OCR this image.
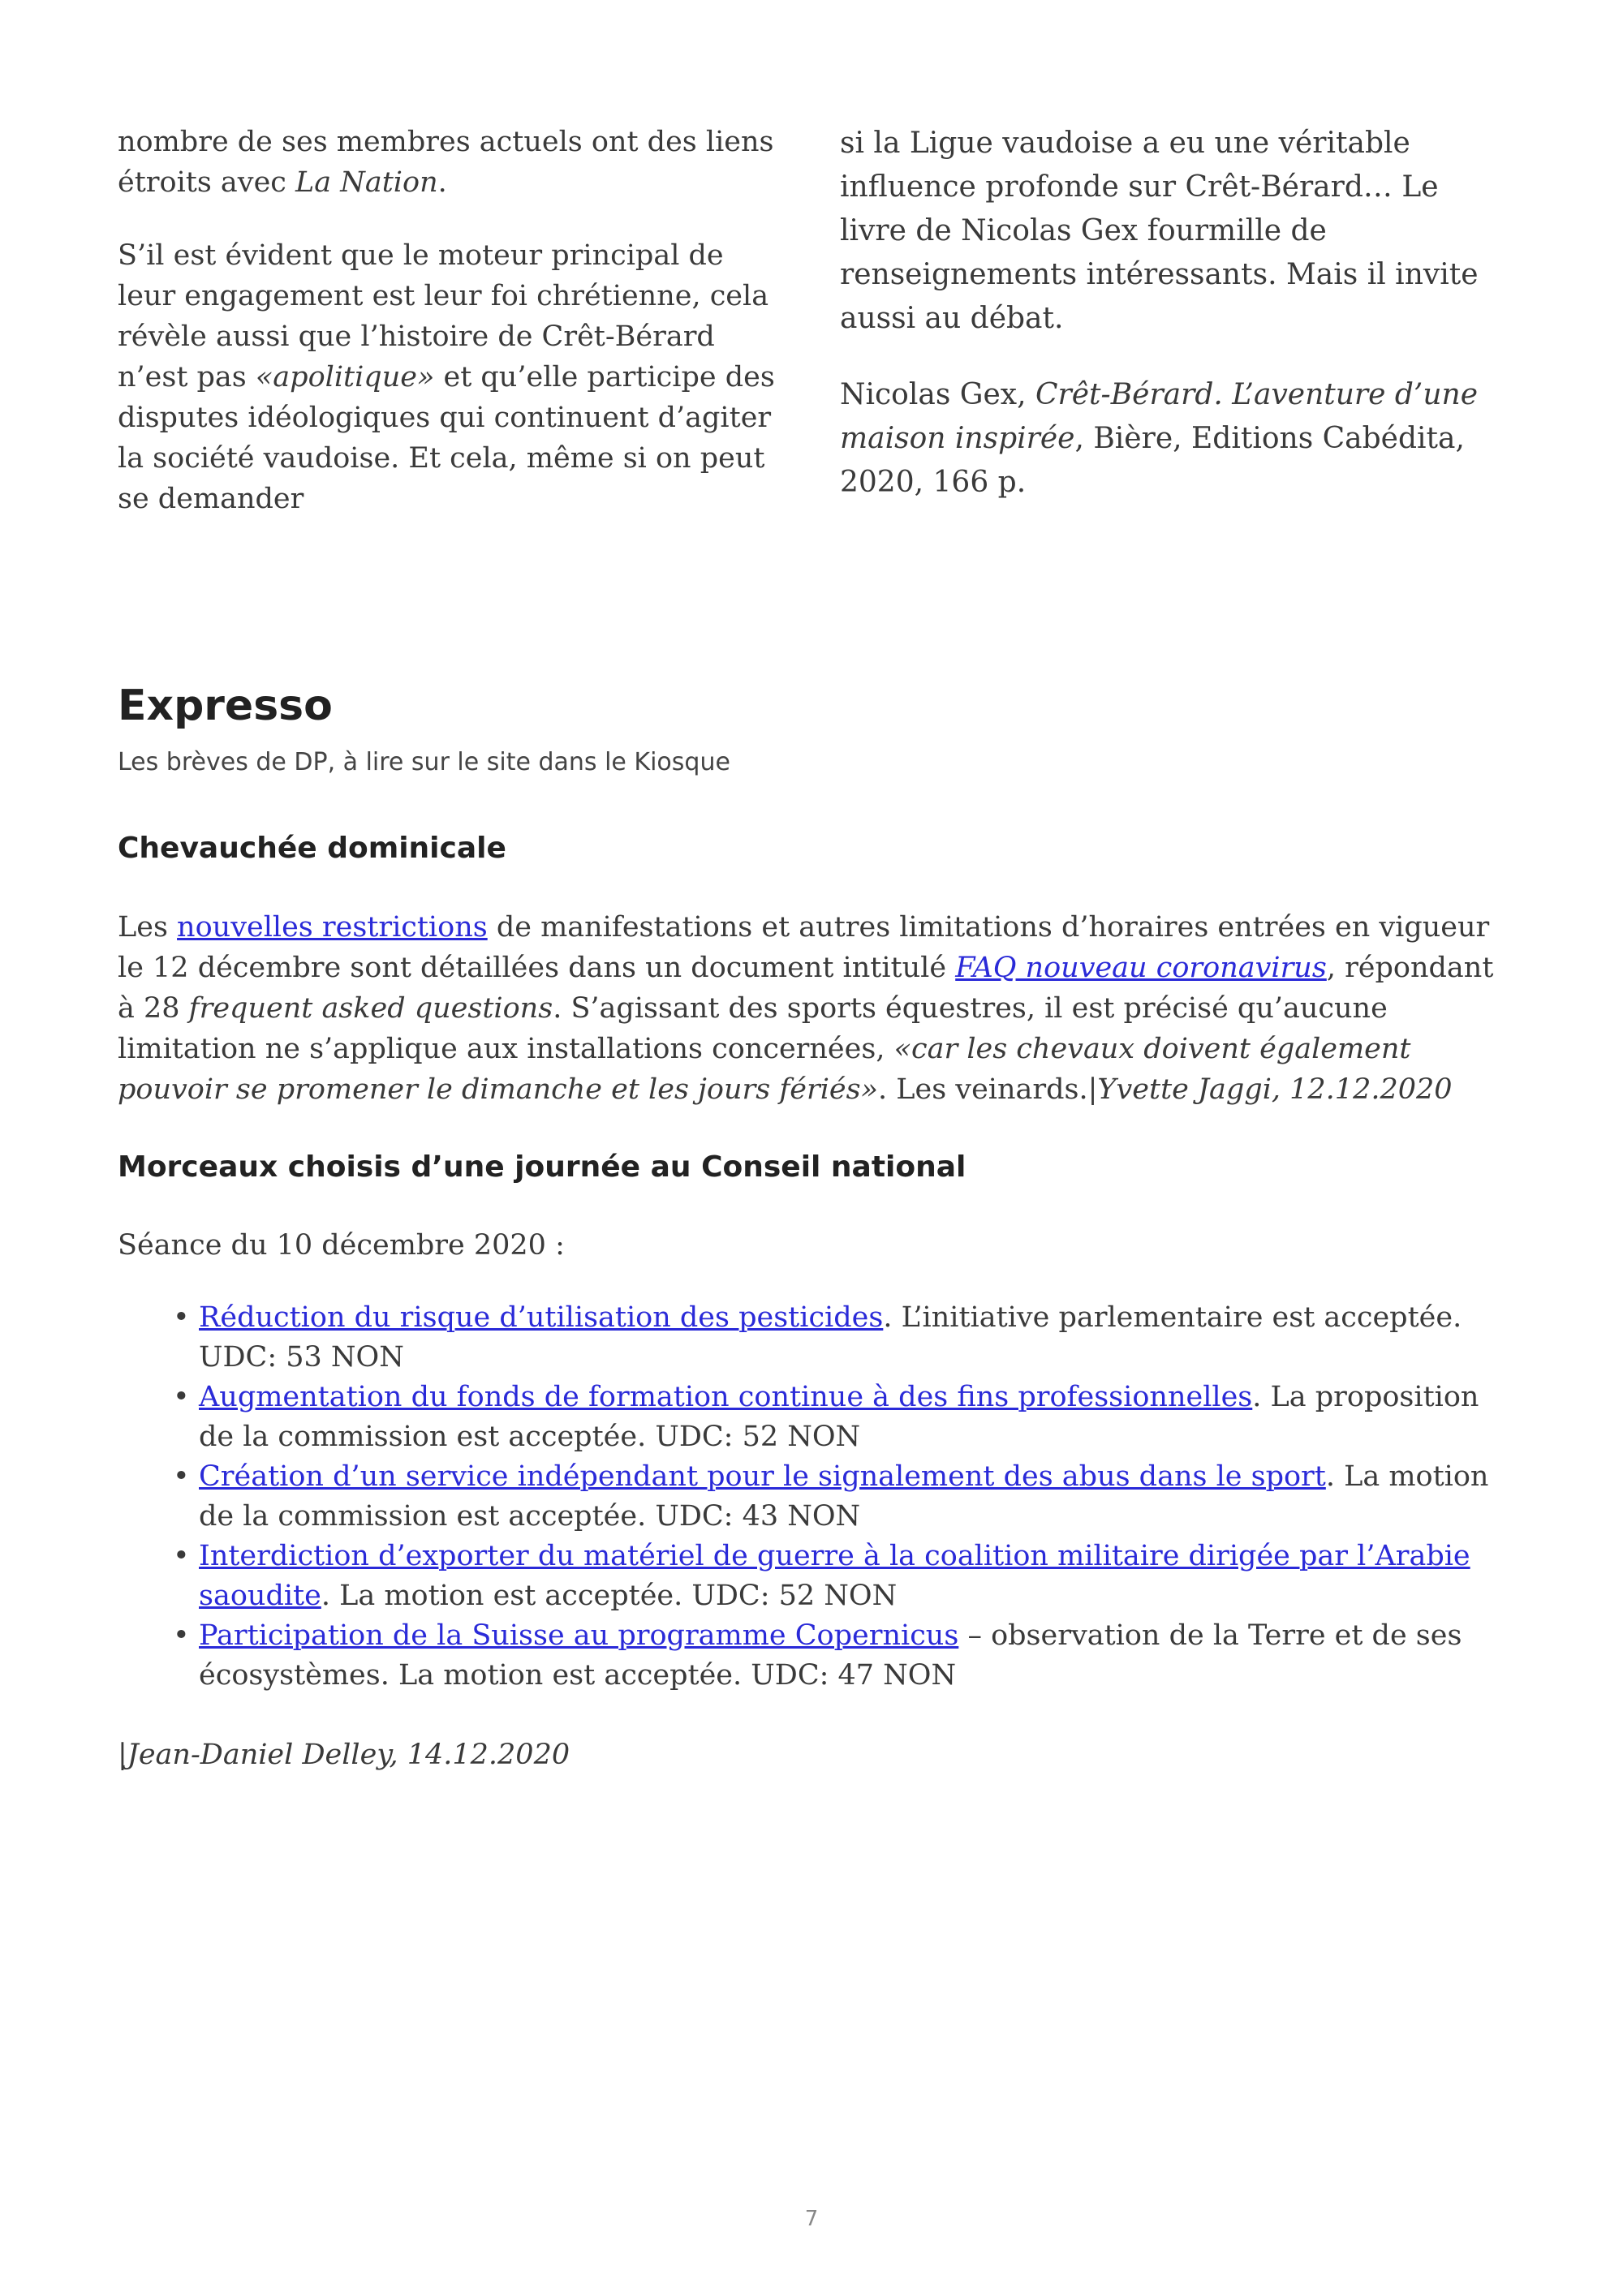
nombre de ses membres actuels ont des liens étroits avec La Nation.

S’il est évident que le moteur principal de leur engagement est leur foi chrétienne, cela révèle aussi que l’histoire de Crêt-Bérard n’est pas «apolitique» et qu’elle participe des disputes idéologiques qui continuent d’agiter la société vaudoise. Et cela, même si on peut se demander

si la Ligue vaudoise a eu une véritable influence profonde sur Crêt-Bérard… Le livre de Nicolas Gex fourmille de renseignements intéressants. Mais il invite aussi au débat.

Nicolas Gex, Crêt-Bérard. L’aventure d’une maison inspirée, Bière, Editions Cabédita, 2020, 166 p.

Expresso

Les brèves de DP, à lire sur le site dans le Kiosque

Chevauchée dominicale

Les nouvelles restrictions de manifestations et autres limitations d’horaires entrées en vigueur le 12 décembre sont détaillées dans un document intitulé FAQ nouveau coronavirus, répondant à 28 frequent asked questions. S’agissant des sports équestres, il est précisé qu’aucune limitation ne s’applique aux installations concernées, «car les chevaux doivent également pouvoir se promener le dimanche et les jours fériés». Les veinards.|Yvette Jaggi, 12.12.2020

Morceaux choisis d’une journée au Conseil national

Séance du 10 décembre 2020 :

• Réduction du risque d’utilisation des pesticides. L’initiative parlementaire est acceptée. UDC: 53 NON
• Augmentation du fonds de formation continue à des fins professionnelles. La proposition de la commission est acceptée. UDC: 52 NON
• Création d’un service indépendant pour le signalement des abus dans le sport. La motion de la commission est acceptée. UDC: 43 NON
• Interdiction d’exporter du matériel de guerre à la coalition militaire dirigée par l’Arabie saoudite. La motion est acceptée. UDC: 52 NON
• Participation de la Suisse au programme Copernicus – observation de la Terre et de ses écosystèmes. La motion est acceptée. UDC: 47 NON
|Jean-Daniel Delley, 14.12.2020
7
